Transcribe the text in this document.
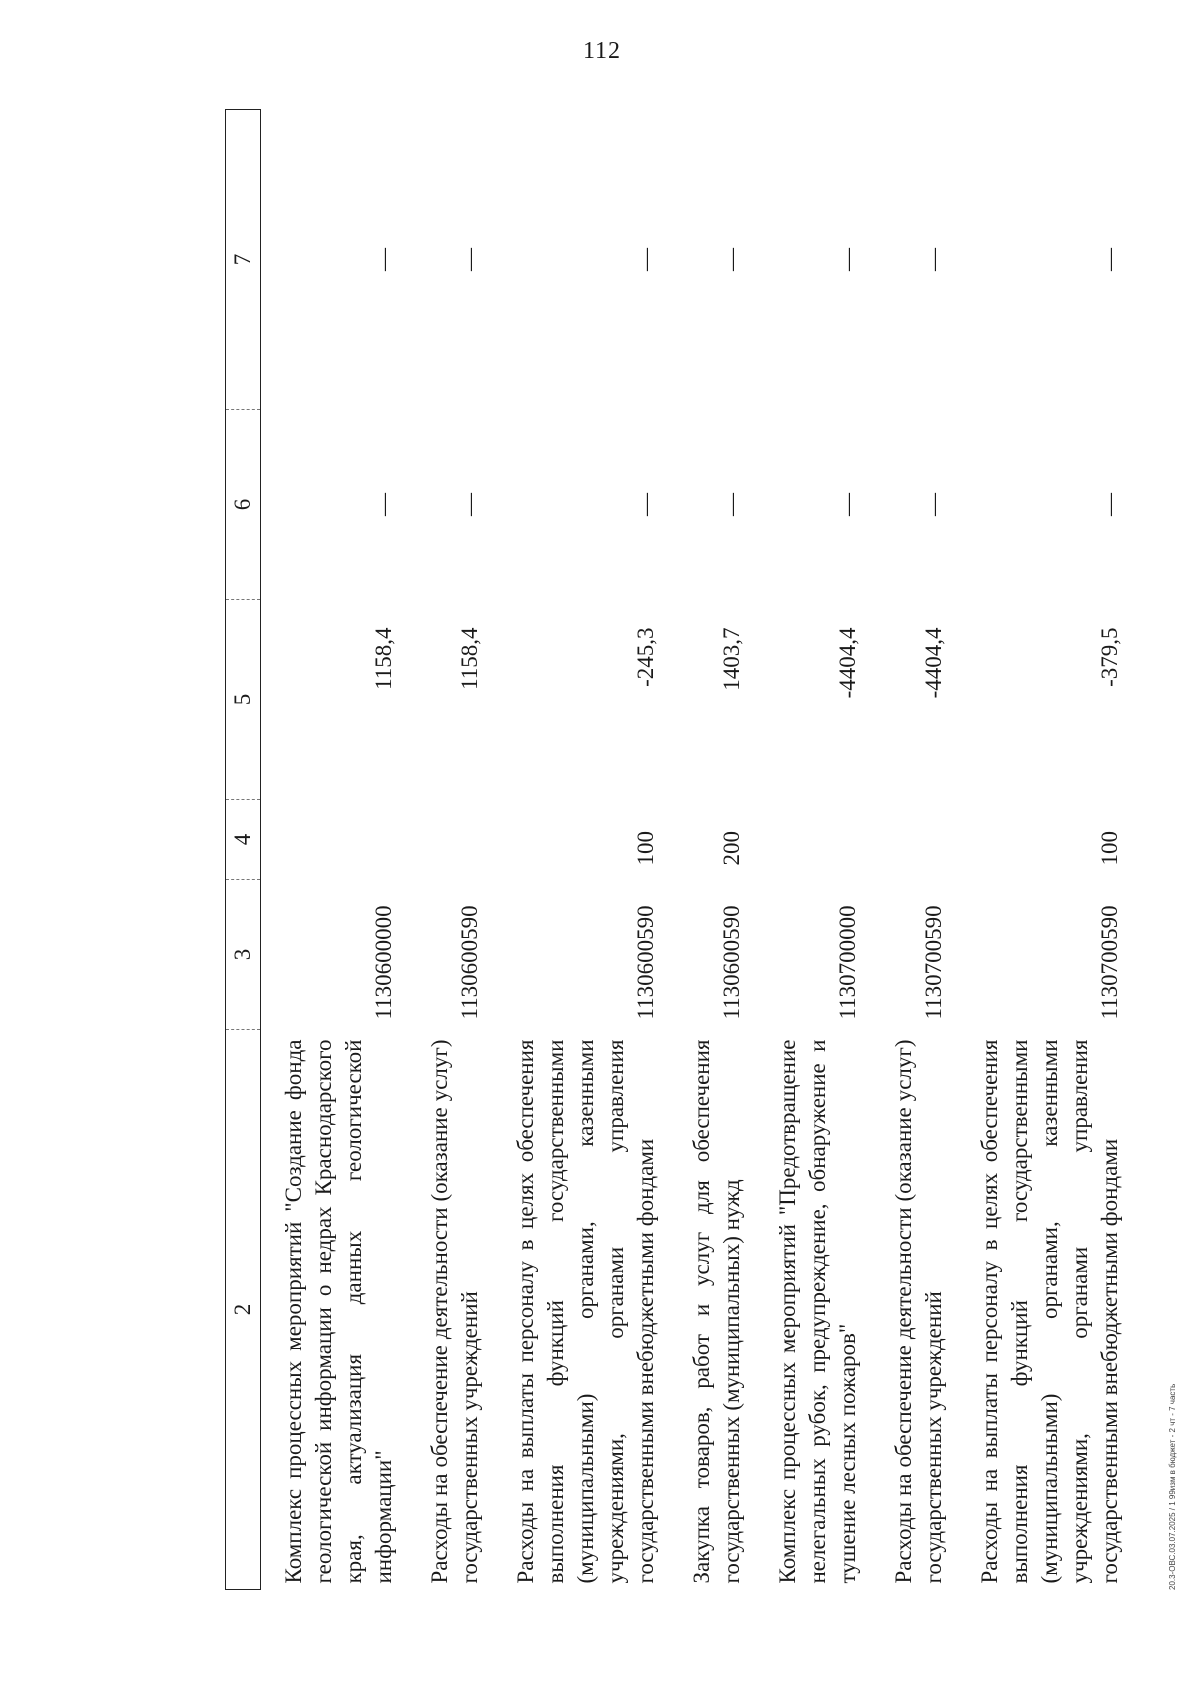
112
2	3	4	5	6	7
Комплекс процессных мероприятий "Создание фонда геологической информации о недрах Краснодарского края, актуализация данных геологической информации"	1130600000		1158,4	—	—
Расходы на обеспечение деятельности (оказание услуг) государственных учреждений	1130600590		1158,4	—	—
Расходы на выплаты персоналу в целях обеспечения выполнения функций государственными (муниципальными) органами, казенными учреждениями, органами управления государственными внебюджетными фондами	1130600590	100	-245,3	—	—
Закупка товаров, работ и услуг для обеспечения государственных (муниципальных) нужд	1130600590	200	1403,7	—	—
Комплекс процессных мероприятий "Предотвращение нелегальных рубок, предупреждение, обнаружение и тушение лесных пожаров"	1130700000		-4404,4	—	—
Расходы на обеспечение деятельности (оказание услуг) государственных учреждений	1130700590		-4404,4	—	—
Расходы на выплаты персоналу в целях обеспечения выполнения функций государственными (муниципальными) органами, казенными учреждениями, органами управления государственными внебюджетными фондами	1130700590	100	-379,5	—	—
20.3-ОВС.03.07.2025 / 1 99изм в бюджет - 2 чт - 7 часть
